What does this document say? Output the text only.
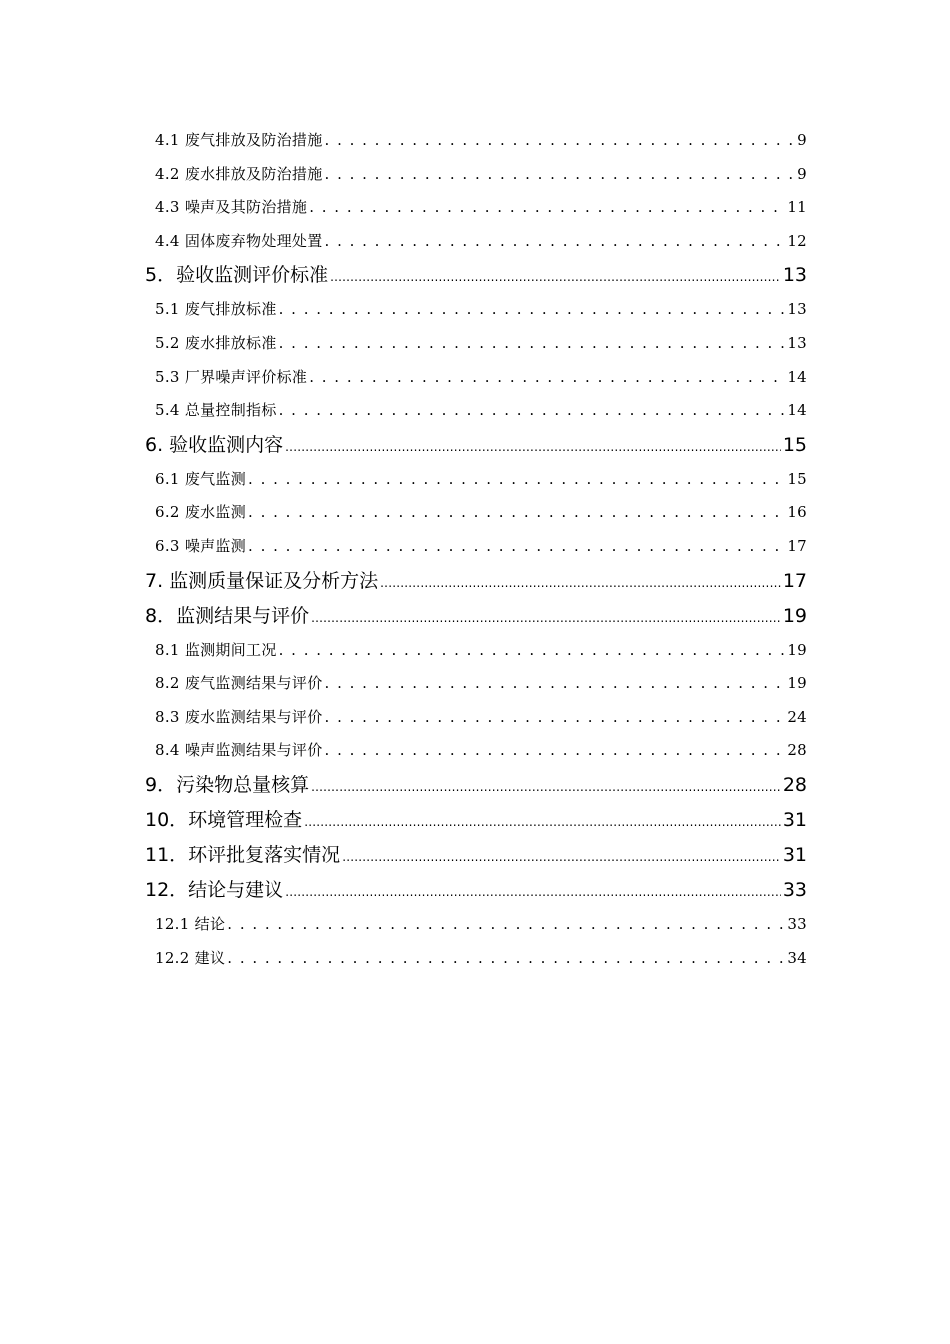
4.1 废气排放及防治措施 . . .	9
4.2 废水排放及防治措施 . . .	9
4.3 噪声及其防治措施 . . .	11
4.4 固体废弃物处理处置 . . .	12
5．验收监测评价标准 .....	13
5.1 废气排放标准 . . .	13
5.2 废水排放标准 . . .	13
5.3 厂界噪声评价标准 . . .	14
5.4 总量控制指标 . . .	14
6. 验收监测内容 .....	15
6.1 废气监测 . . .	15
6.2 废水监测 . . .	16
6.3 噪声监测 . . .	17
7. 监测质量保证及分析方法 .....	17
8．监测结果与评价 .....	19
8.1 监测期间工况 . . .	19
8.2 废气监测结果与评价 . . .	19
8.3 废水监测结果与评价 . . .	24
8.4 噪声监测结果与评价 . . .	28
9．污染物总量核算 .....	28
10．环境管理检查 .....	31
11．环评批复落实情况 .....	31
12．结论与建议 .....	33
12.1 结论 . . .	33
12.2 建议 . . .	34
